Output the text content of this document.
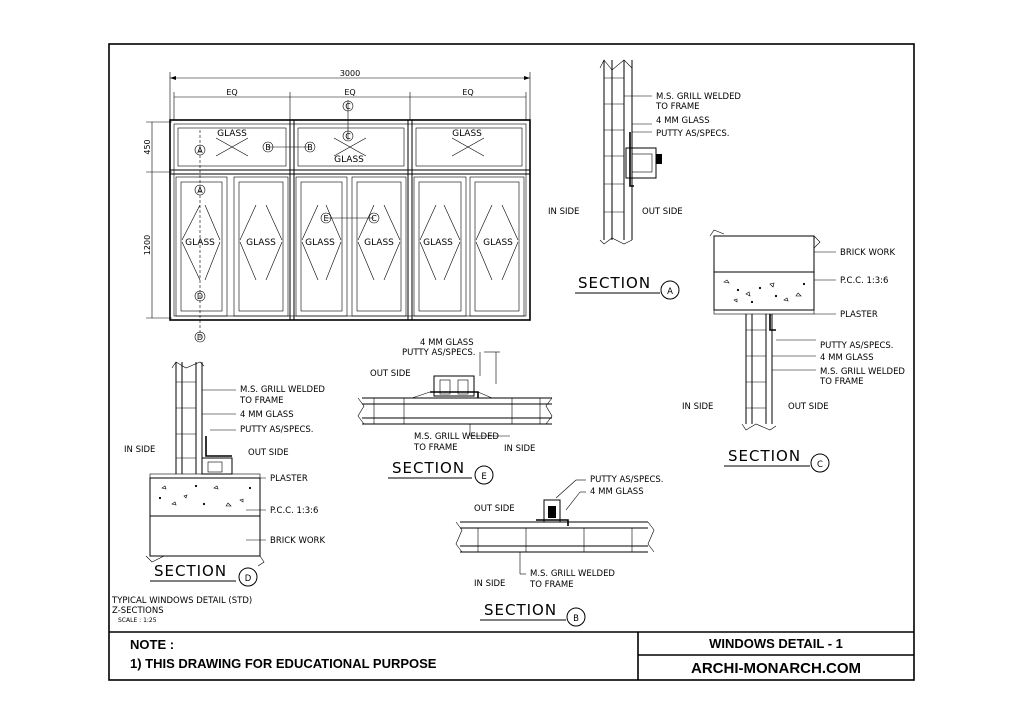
3000
EQ	EQ	EQ
450
1200
GLASS
GLASS
GLASS
GLASS	GLASS	GLASS	GLASS	GLASS	GLASS
A
A
B	B
C
C
E	C
D
D
M.S. GRILL WELDED
TO FRAME
4 MM GLASS
PUTTY AS/SPECS.
IN SIDE	OUT SIDE
SECTION A
BRICK WORK
P.C.C. 1:3:6
PLASTER
PUTTY AS/SPECS.
4 MM GLASS
M.S. GRILL WELDED
TO FRAME
IN SIDE	OUT SIDE
SECTION C
4 MM GLASS
PUTTY AS/SPECS.
OUT SIDE
M.S. GRILL WELDED
TO FRAME	IN SIDE
SECTION E
M.S. GRILL WELDED
TO FRAME
4 MM GLASS
PUTTY AS/SPECS.
IN SIDE	OUT SIDE
PLASTER
P.C.C. 1:3:6
BRICK WORK
SECTION D
PUTTY AS/SPECS.
4 MM GLASS
OUT SIDE
IN SIDE
M.S. GRILL WELDED
TO FRAME
SECTION B
TYPICAL WINDOWS DETAIL (STD)
Z-SECTIONS
SCALE : 1:25
NOTE :
1) THIS DRAWING FOR EDUCATIONAL PURPOSE
WINDOWS DETAIL - 1
ARCHI-MONARCH.COM
